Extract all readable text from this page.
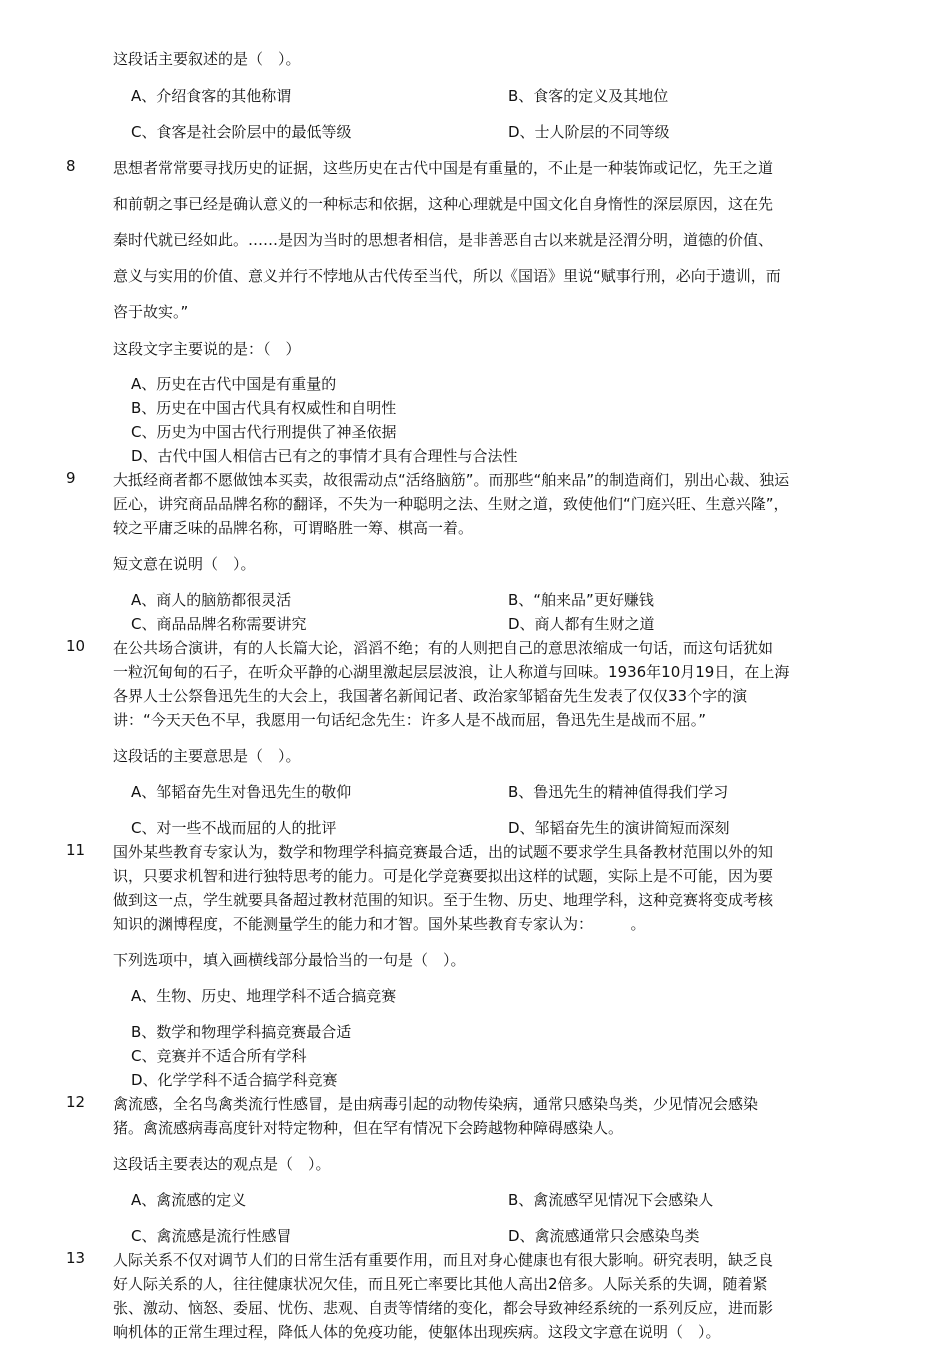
这段话主要叙述的是（　）。
A、介绍食客的其他称谓	B、食客的定义及其地位
C、食客是社会阶层中的最低等级	D、士人阶层的不同等级
8 思想者常常要寻找历史的证据，这些历史在古代中国是有重量的，不止是一种装饰或记忆，先王之道
和前朝之事已经是确认意义的一种标志和依据，这种心理就是中国文化自身惰性的深层原因，这在先
秦时代就已经如此。……是因为当时的思想者相信，是非善恶自古以来就是泾渭分明，道德的价值、
意义与实用的价值、意义并行不悖地从古代传至当代，所以《国语》里说“赋事行刑，必向于遗训，而
咨于故实。”
这段文字主要说的是：（　）
A、历史在古代中国是有重量的
B、历史在中国古代具有权威性和自明性
C、历史为中国古代行刑提供了神圣依据
D、古代中国人相信古已有之的事情才具有合理性与合法性
9 大抵经商者都不愿做蚀本买卖，故很需动点“活络脑筋”。而那些“舶来品”的制造商们，别出心裁、独运
匠心，讲究商品品牌名称的翻译，不失为一种聪明之法、生财之道，致使他们“门庭兴旺、生意兴隆”，
较之平庸乏味的品牌名称，可谓略胜一筹、棋高一着。
短文意在说明（　）。
A、商人的脑筋都很灵活	B、“舶来品”更好赚钱
C、商品品牌名称需要讲究	D、商人都有生财之道
10 在公共场合演讲，有的人长篇大论，滔滔不绝；有的人则把自己的意思浓缩成一句话，而这句话犹如
一粒沉甸甸的石子，在听众平静的心湖里激起层层波浪，让人称道与回味。1936年10月19日，在上海
各界人士公祭鲁迅先生的大会上，我国著名新闻记者、政治家邹韬奋先生发表了仅仅33个字的演
讲：“今天天色不早，我愿用一句话纪念先生：许多人是不战而屈，鲁迅先生是战而不屈。”
这段话的主要意思是（　）。
A、邹韬奋先生对鲁迅先生的敬仰	B、鲁迅先生的精神值得我们学习
C、对一些不战而屈的人的批评	D、邹韬奋先生的演讲简短而深刻
11 国外某些教育专家认为，数学和物理学科搞竞赛最合适，出的试题不要求学生具备教材范围以外的知
识，只要求机智和进行独特思考的能力。可是化学竞赛要拟出这样的试题，实际上是不可能，因为要
做到这一点，学生就要具备超过教材范围的知识。至于生物、历史、地理学科，这种竞赛将变成考核
知识的渊博程度，不能测量学生的能力和才智。国外某些教育专家认为：　　　。
下列选项中，填入画横线部分最恰当的一句是（　）。
A、生物、历史、地理学科不适合搞竞赛
B、数学和物理学科搞竞赛最合适
C、竞赛并不适合所有学科
D、化学学科不适合搞学科竞赛
12 禽流感，全名鸟禽类流行性感冒，是由病毒引起的动物传染病，通常只感染鸟类，少见情况会感染
猪。禽流感病毒高度针对特定物种，但在罕有情况下会跨越物种障碍感染人。
这段话主要表达的观点是（　）。
A、禽流感的定义	B、禽流感罕见情况下会感染人
C、禽流感是流行性感冒	D、禽流感通常只会感染鸟类
13 人际关系不仅对调节人们的日常生活有重要作用，而且对身心健康也有很大影响。研究表明，缺乏良
好人际关系的人，往往健康状况欠佳，而且死亡率要比其他人高出2倍多。人际关系的失调，随着紧
张、激动、恼怒、委屈、忧伤、悲观、自责等情绪的变化，都会导致神经系统的一系列反应，进而影
响机体的正常生理过程，降低人体的免疫功能，使躯体出现疾病。这段文字意在说明（　）。
